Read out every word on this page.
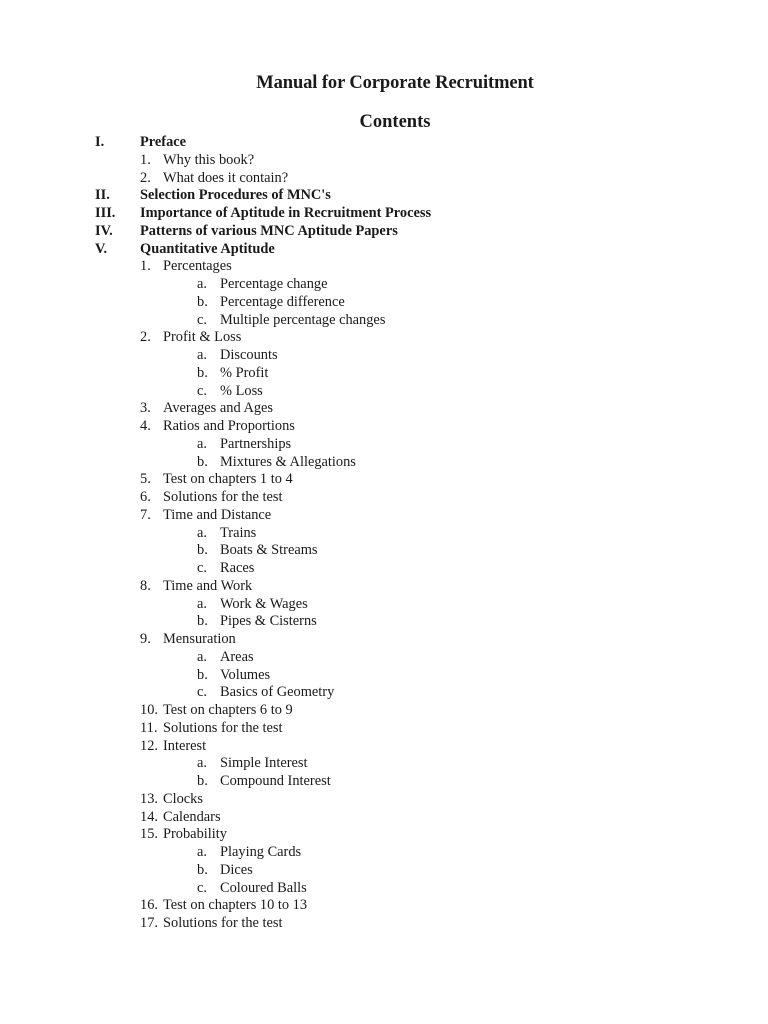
Manual for Corporate Recruitment
Contents
I. Preface
1. Why this book?
2. What does it contain?
II. Selection Procedures of MNC's
III. Importance of Aptitude in Recruitment Process
IV. Patterns of various MNC Aptitude Papers
V. Quantitative Aptitude
1. Percentages
a. Percentage change
b. Percentage difference
c. Multiple percentage changes
2. Profit & Loss
a. Discounts
b. % Profit
c. % Loss
3. Averages and Ages
4. Ratios and Proportions
a. Partnerships
b. Mixtures & Allegations
5. Test on chapters 1 to 4
6. Solutions for the test
7. Time and Distance
a. Trains
b. Boats & Streams
c. Races
8. Time and Work
a. Work & Wages
b. Pipes & Cisterns
9. Mensuration
a. Areas
b. Volumes
c. Basics of Geometry
10. Test on chapters 6 to 9
11. Solutions for the test
12. Interest
a. Simple Interest
b. Compound Interest
13. Clocks
14. Calendars
15. Probability
a. Playing Cards
b. Dices
c. Coloured Balls
16. Test on chapters 10 to 13
17. Solutions for the test
